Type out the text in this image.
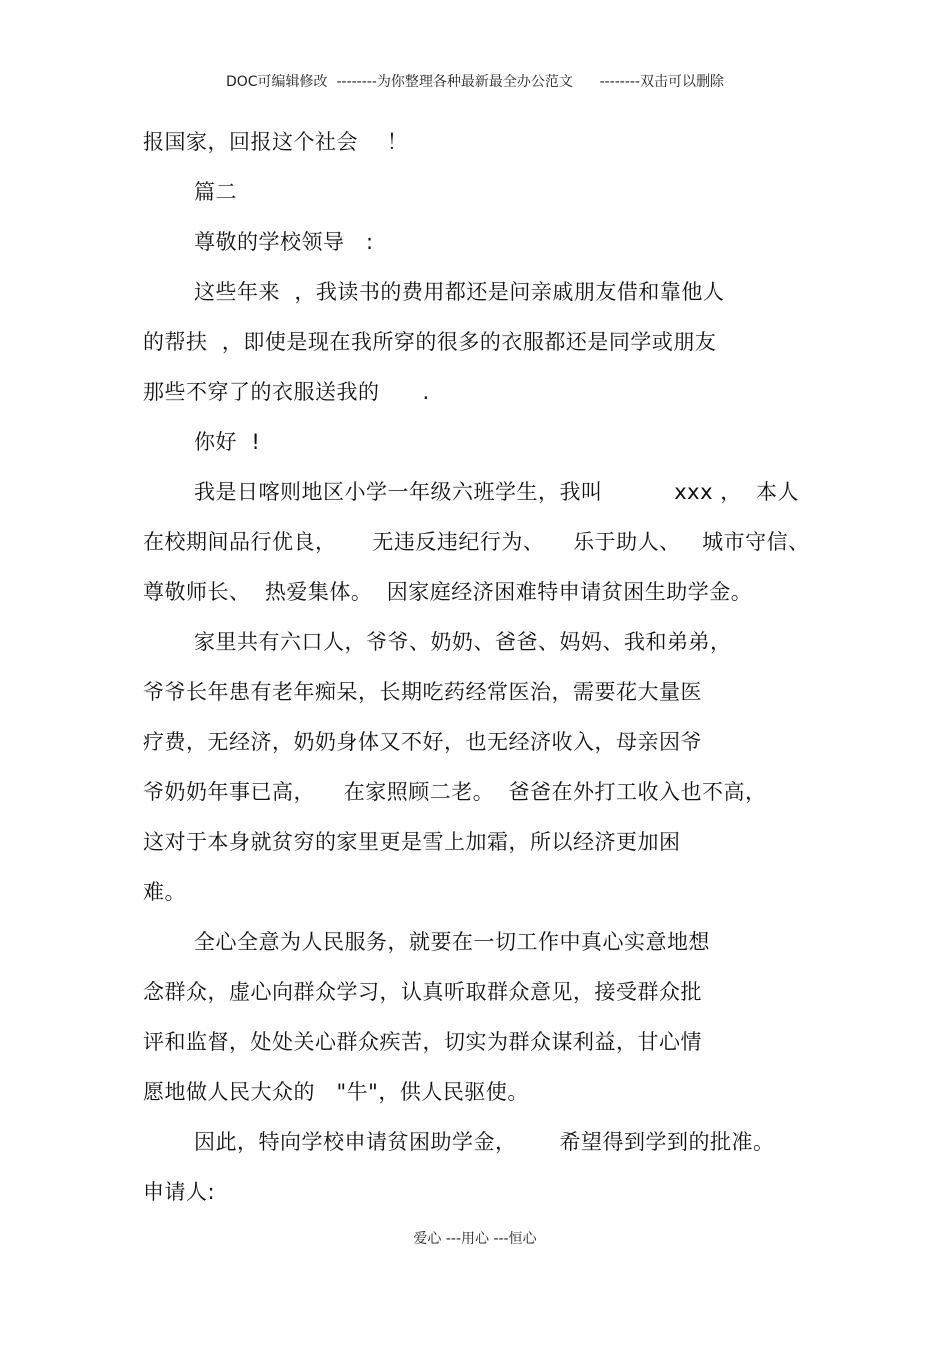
DOC可编辑修改  --------为你整理各种最新最全办公范文      --------双击可以删除
报国家，回报这个社会    ！
篇二
尊敬的学校领导   :
这些年来  ，我读书的费用都还是问亲戚朋友借和靠他人
的帮扶  ，即使是现在我所穿的很多的衣服都还是同学或朋友
那些不穿了的衣服送我的      .
你好  !
我是日喀则地区小学一年级六班学生，我叫          xxx ，  本人
在校期间品行优良，     无违反违纪行为、    乐于助人、   城市守信、
尊敬师长、  热爱集体。  因家庭经济困难特申请贫困生助学金。
家里共有六口人，爷爷、奶奶、爸爸、妈妈、我和弟弟，
爷爷长年患有老年痴呆，长期吃药经常医治，需要花大量医
疗费，无经济，奶奶身体又不好，也无经济收入，母亲因爷
爷奶奶年事已高，    在家照顾二老。  爸爸在外打工收入也不高，
这对于本身就贫穷的家里更是雪上加霜，所以经济更加困
难。
全心全意为人民服务，就要在一切工作中真心实意地想
念群众，虚心向群众学习，认真听取群众意见，接受群众批
评和监督，处处关心群众疾苦，切实为群众谋利益，甘心情
愿地做人民大众的   "牛"，供人民驱使。
因此，特向学校申请贫困助学金，      希望得到学到的批准。
申请人:
爱心 ---用心 ---恒心
